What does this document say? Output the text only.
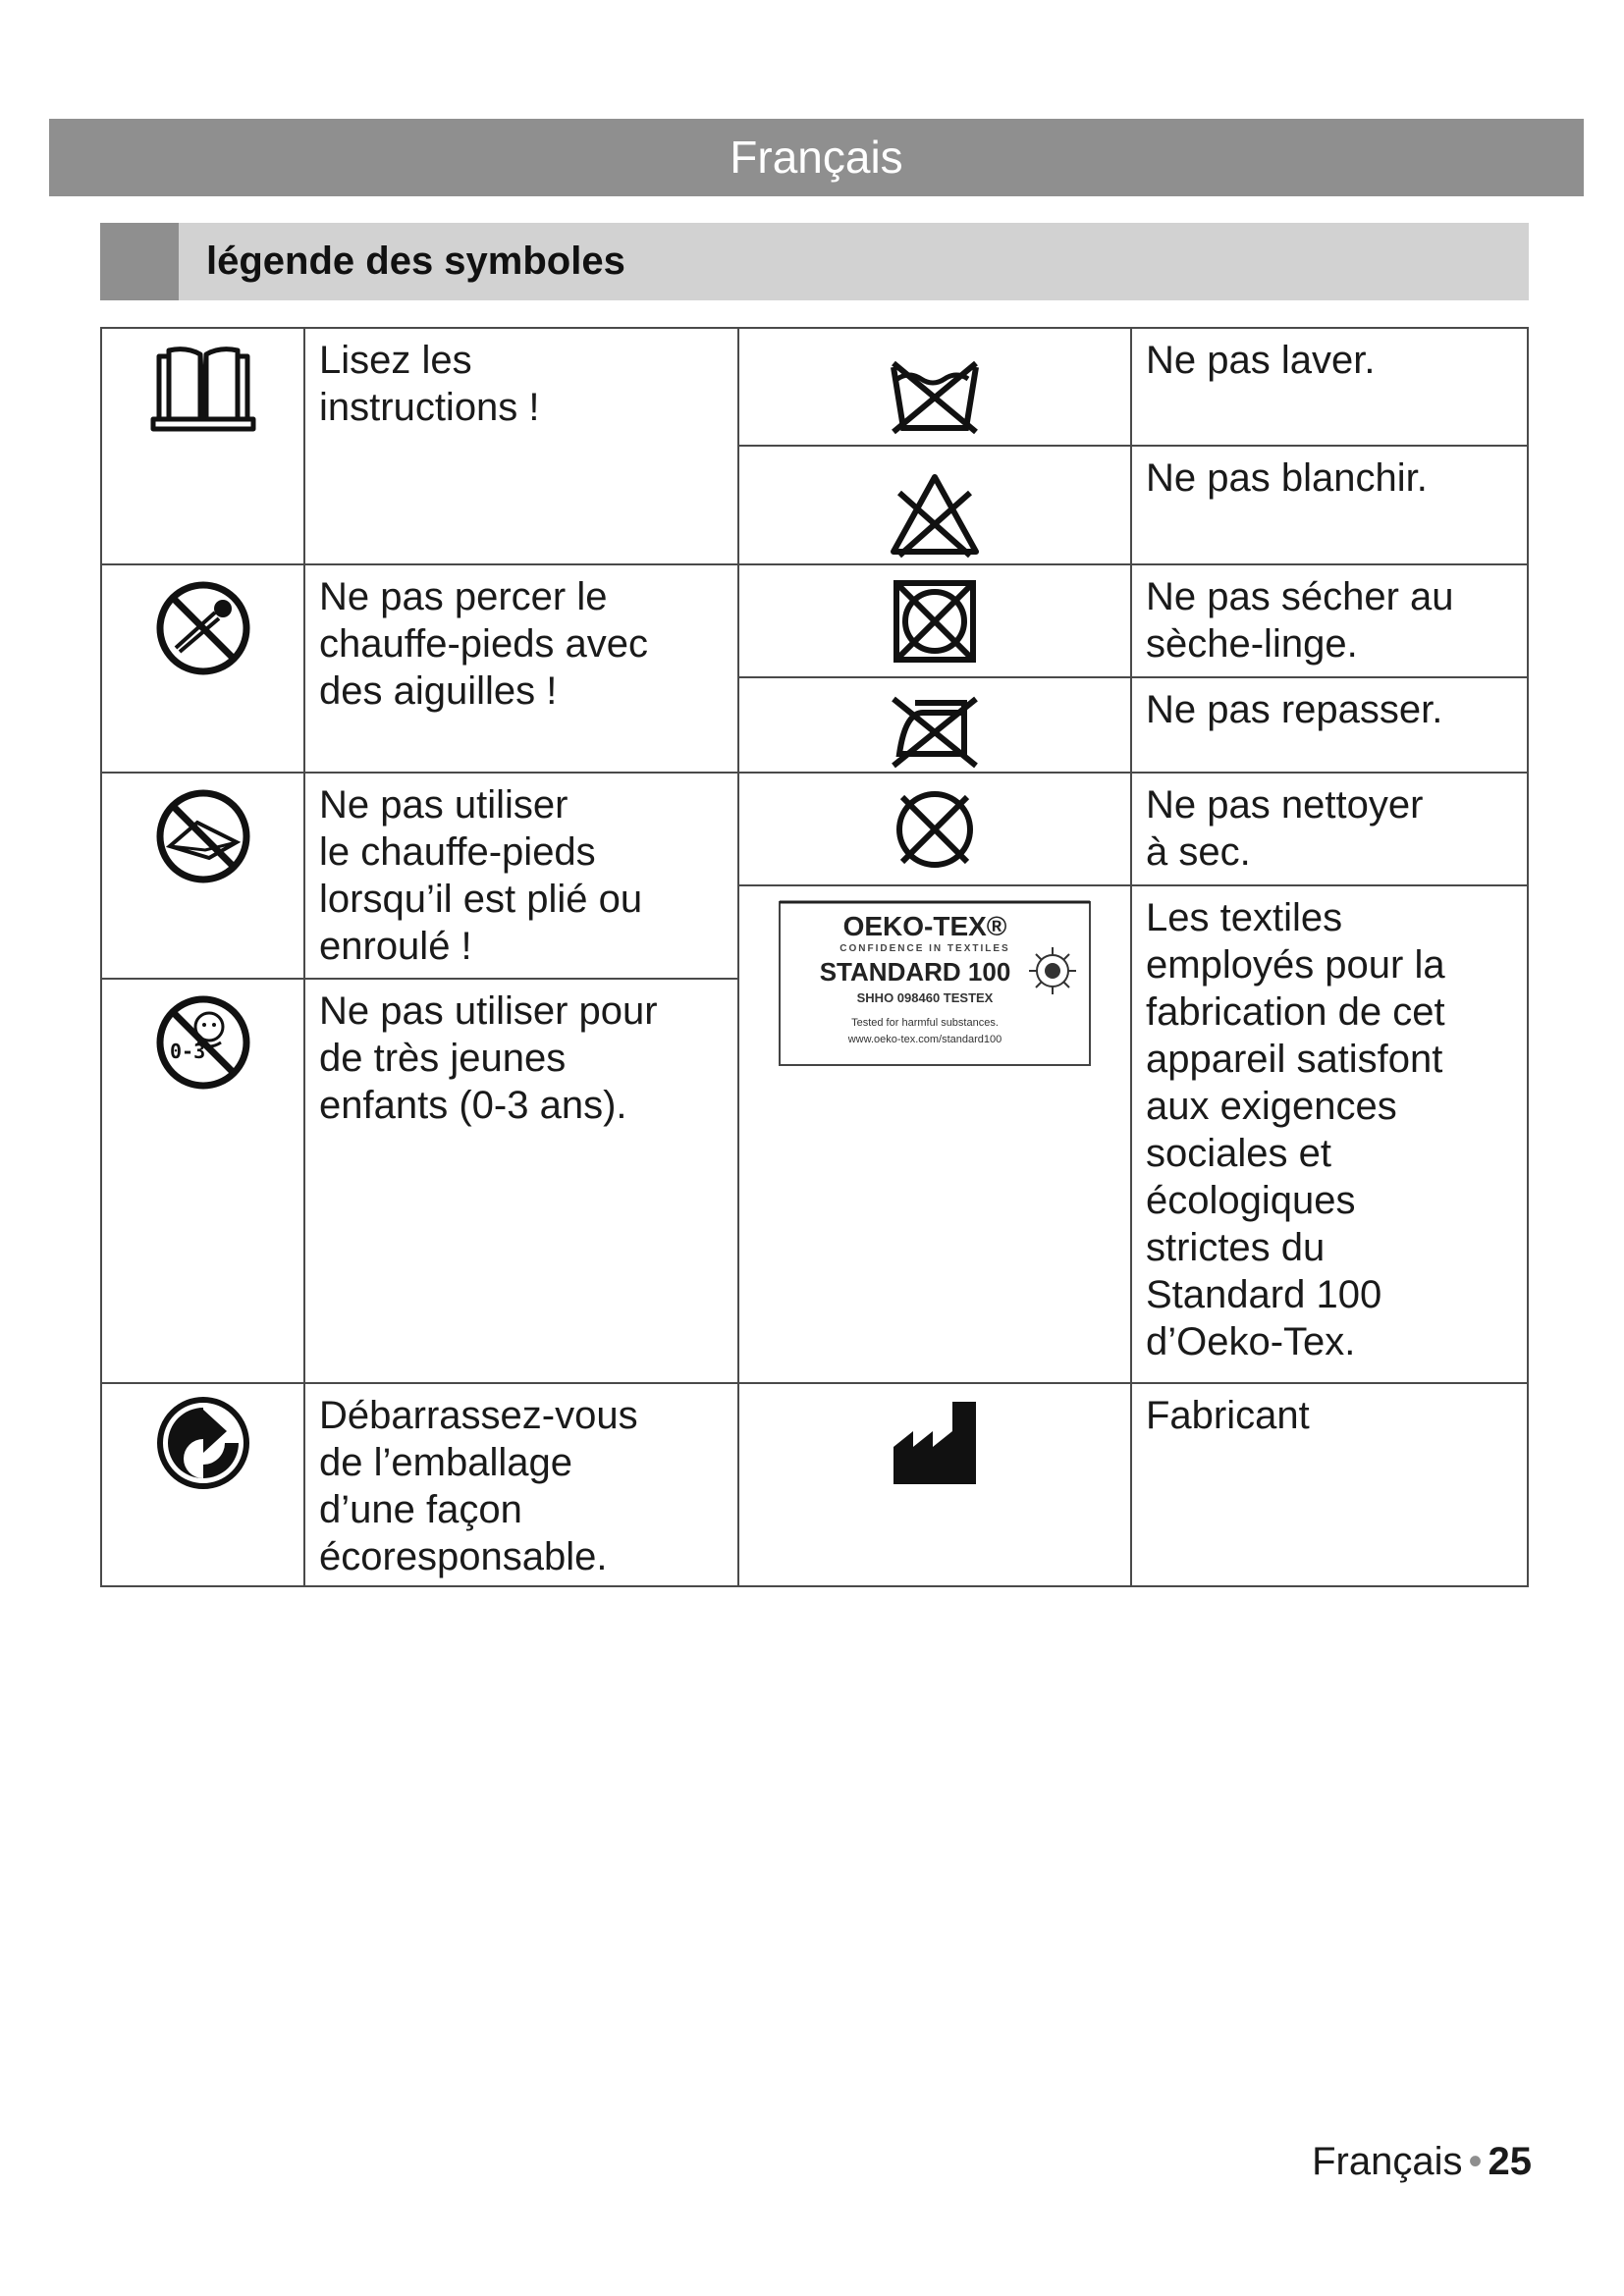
Français
légende des symboles
Lisez les
instructions !
Ne pas percer le
chauffe-pieds avec
des aiguilles !
Ne pas utiliser
le chauffe-pieds
lorsqu’il est plié ou
enroulé !
0-3
Ne pas utiliser pour
de très jeunes
enfants (0-3 ans).
Débarrassez-vous
de l’emballage
d’une façon
écoresponsable.
Ne pas laver.
Ne pas blanchir.
Ne pas sécher au
sèche-linge.
Ne pas repasser.
Ne pas nettoyer
à sec.
OEKO-TEX®
CONFIDENCE IN TEXTILES
STANDARD 100
SHHO 098460 TESTEX
Tested for harmful substances.
www.oeko-tex.com/standard100
Les textiles
employés pour la
fabrication de cet
appareil satisfont
aux exigences
sociales et
écologiques
strictes du
Standard 100
d’Oeko-Tex.
Fabricant
Français • 25
